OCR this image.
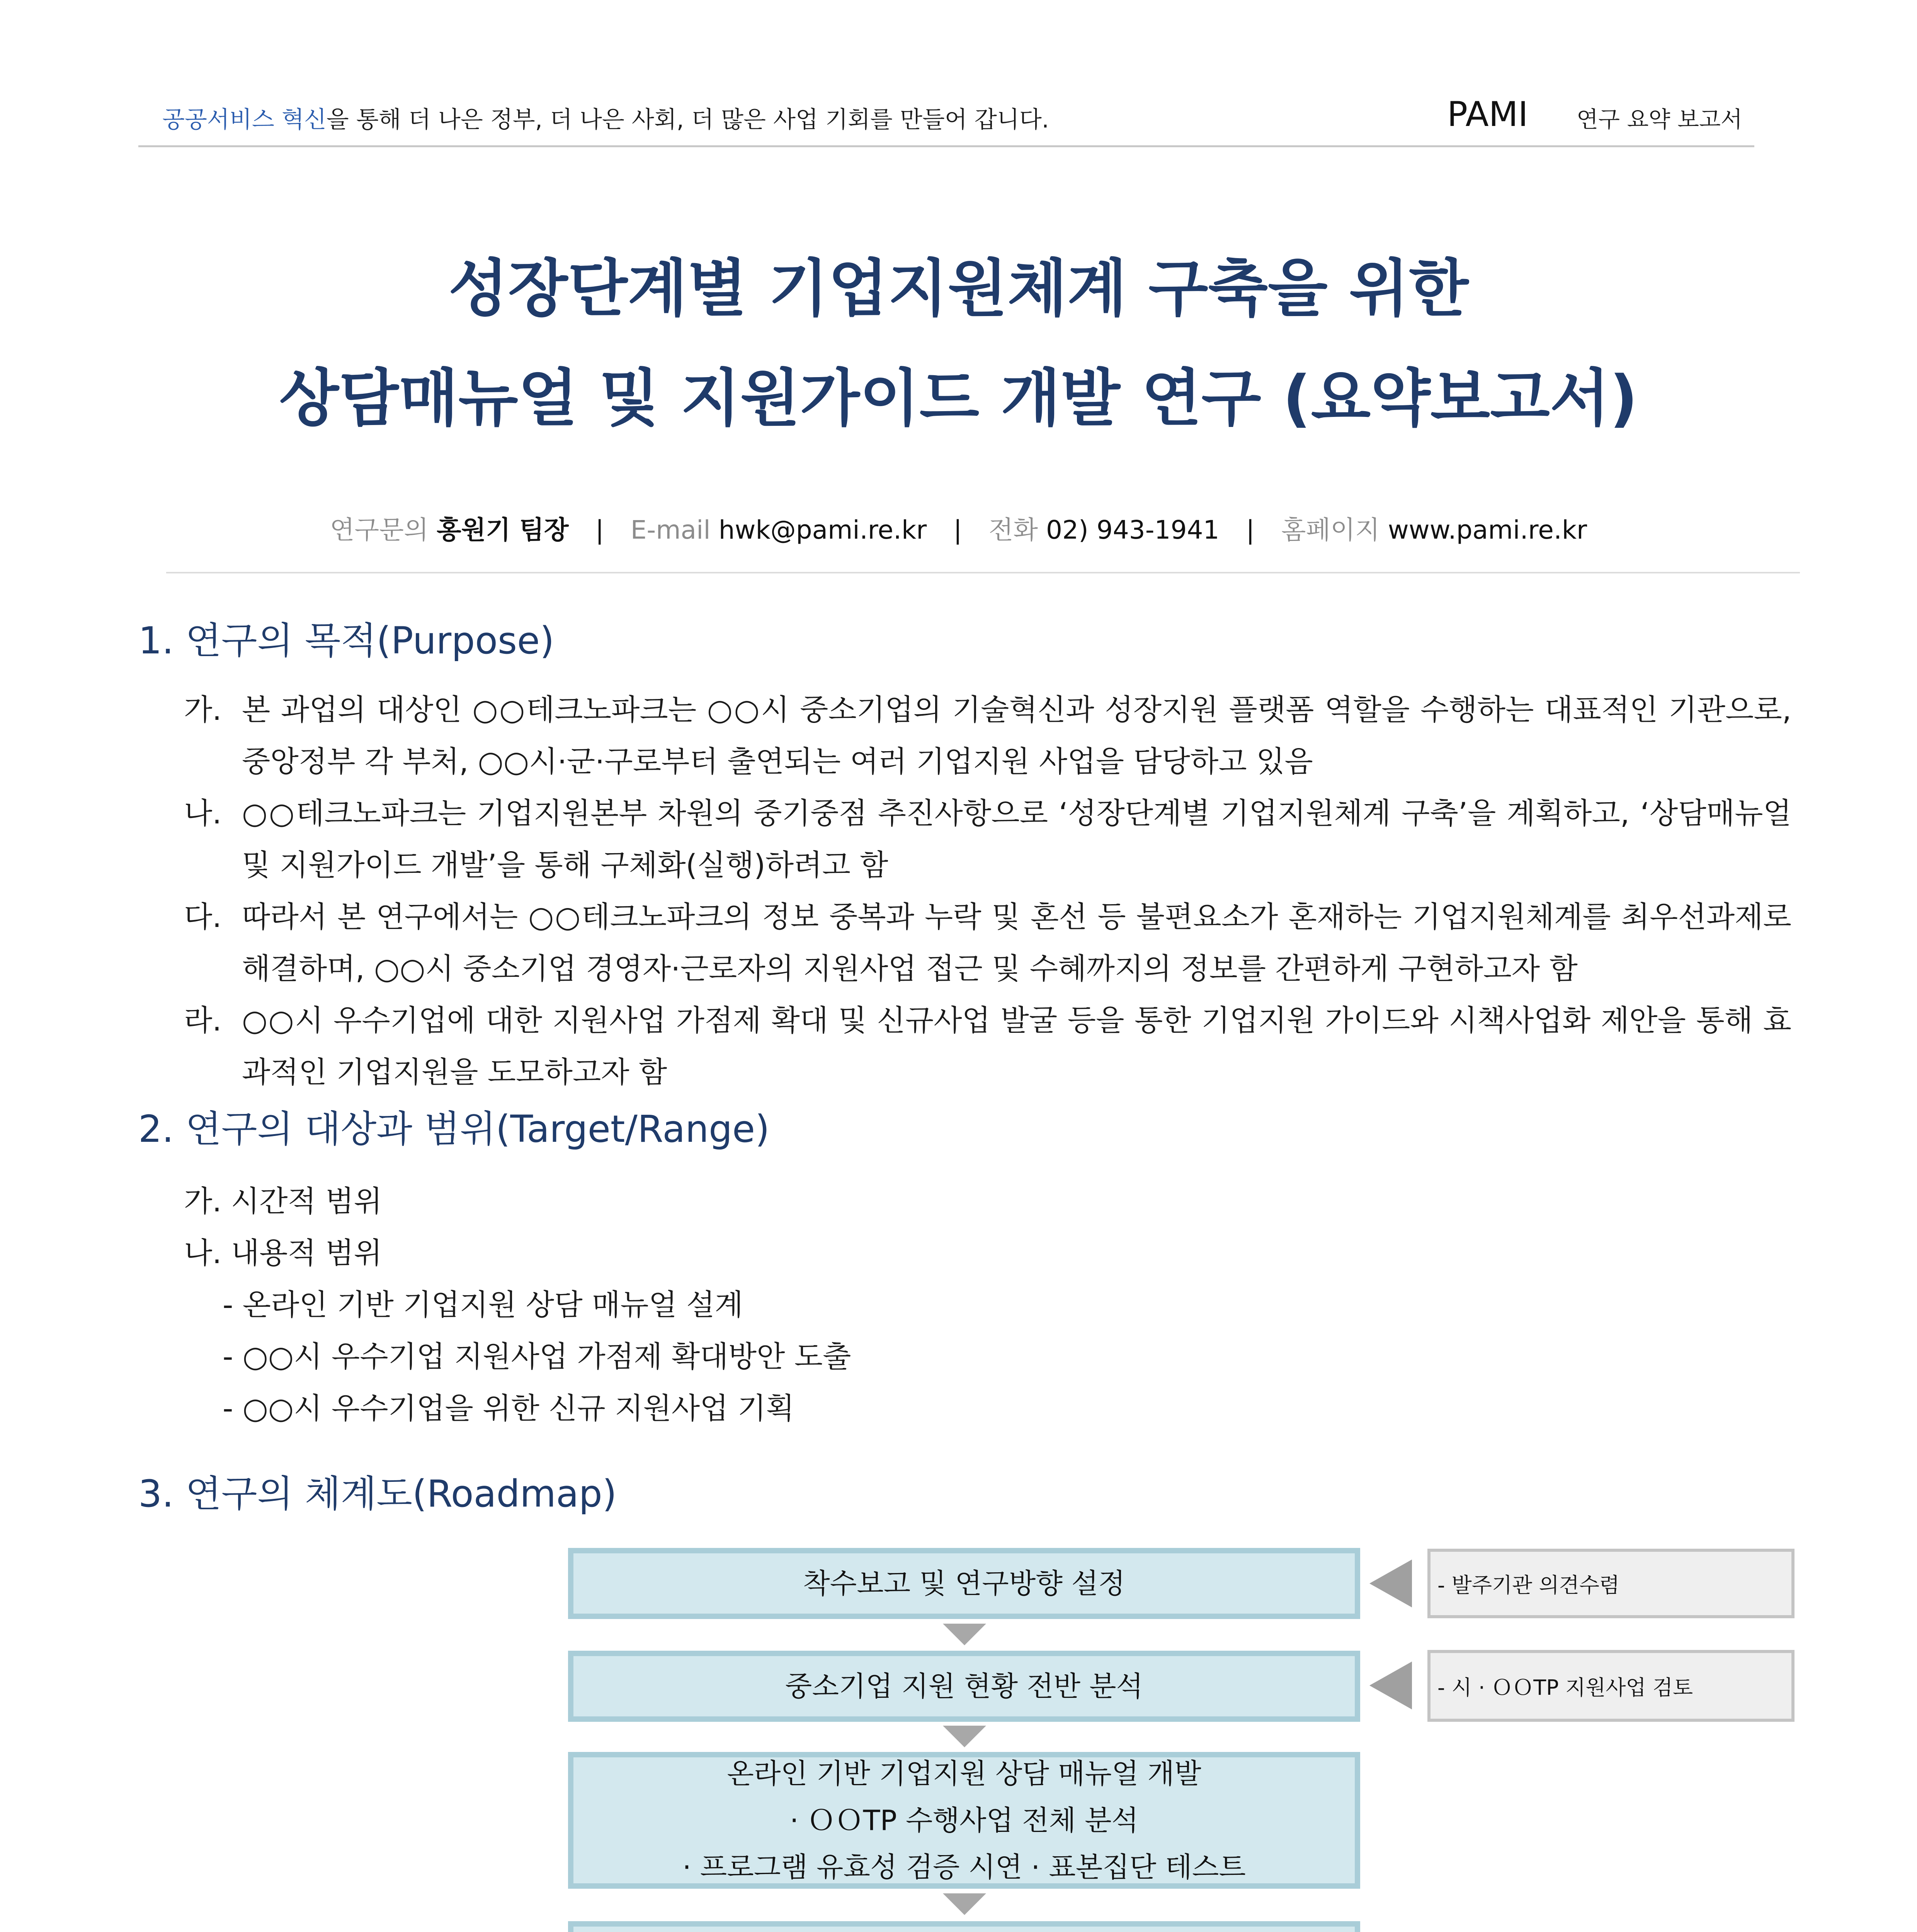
공공서비스 혁신을 통해 더 나은 정부, 더 나은 사회, 더 많은 사업 기회를 만들어 갑니다.	PAMI 연구 요약 보고서
성장단계별 기업지원체계 구축을 위한
상담매뉴얼 및 지원가이드 개발 연구 (요약보고서)
연구문의 홍원기 팀장 | E-mail hwk@pami.re.kr | 전화 02) 943-1941 | 홈페이지 www.pami.re.kr
1. 연구의 목적(Purpose)
가. 본 과업의 대상인 ○○테크노파크는 ○○시 중소기업의 기술혁신과 성장지원 플랫폼 역할을 수행하는 대표적인 기관으로, 중앙정부 각 부처, ○○시·군·구로부터 출연되는 여러 기업지원 사업을 담당하고 있음
나. ○○테크노파크는 기업지원본부 차원의 중기중점 추진사항으로 ‘성장단계별 기업지원체계 구축’을 계획하고, ‘상담매뉴얼 및 지원가이드 개발’을 통해 구체화(실행)하려고 함
다. 따라서 본 연구에서는 ○○테크노파크의 정보 중복과 누락 및 혼선 등 불편요소가 혼재하는 기업지원체계를 최우선과제로 해결하며, ○○시 중소기업 경영자·근로자의 지원사업 접근 및 수혜까지의 정보를 간편하게 구현하고자 함
라. ○○시 우수기업에 대한 지원사업 가점제 확대 및 신규사업 발굴 등을 통한 기업지원 가이드와 시책사업화 제안을 통해 효과적인 기업지원을 도모하고자 함
2. 연구의 대상과 범위(Target/Range)
가. 시간적 범위
나. 내용적 범위
- 온라인 기반 기업지원 상담 매뉴얼 설계
- ○○시 우수기업 지원사업 가점제 확대방안 도출
- ○○시 우수기업을 위한 신규 지원사업 기획
3. 연구의 체계도(Roadmap)
착수보고 및 연구방향 설정
중소기업 지원 현황 전반 분석
온라인 기반 기업지원 상담 매뉴얼 개발
· ＯＯTP 수행사업 전체 분석
· 프로그램 유효성 검증 시연 · 표본집단 테스트
- 발주기관 의견수렴
- 시 · ＯＯTP 지원사업 검토
